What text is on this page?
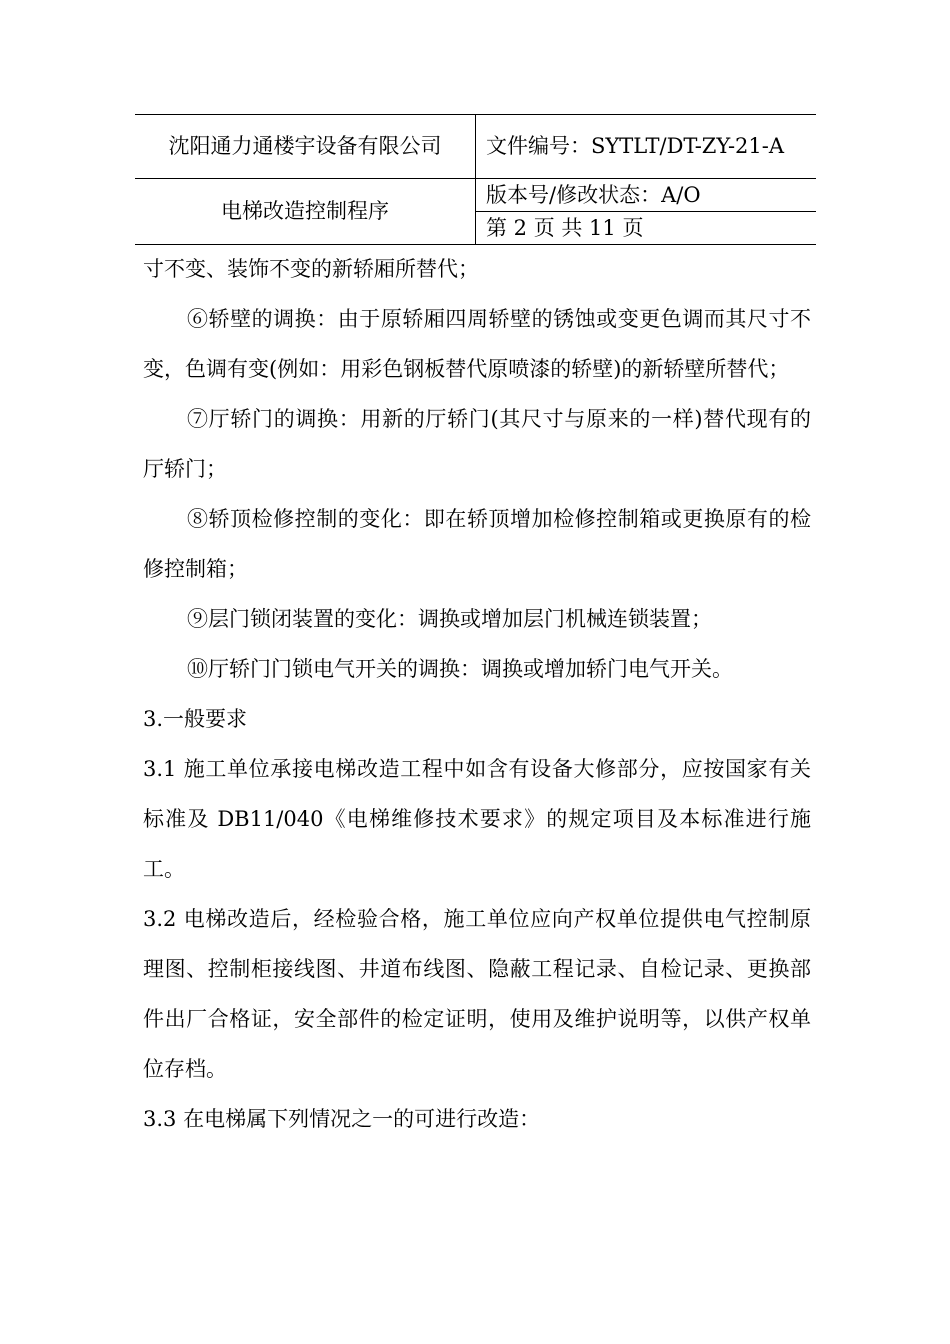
沈阳通力通楼宇设备有限公司	文件编号：SYTLT/DT-ZY-21-A
电梯改造控制程序	版本号/修改状态：A/O
	第 2 页 共 11 页

寸不变、装饰不变的新轿厢所替代；

⑥轿壁的调换：由于原轿厢四周轿壁的锈蚀或变更色调而其尺寸不变，色调有变(例如：用彩色钢板替代原喷漆的轿壁)的新轿壁所替代；

⑦厅轿门的调换：用新的厅轿门(其尺寸与原来的一样)替代现有的厅轿门；

⑧轿顶检修控制的变化：即在轿顶增加检修控制箱或更换原有的检修控制箱；

⑨层门锁闭装置的变化：调换或增加层门机械连锁装置；

⑩厅轿门门锁电气开关的调换：调换或增加轿门电气开关。

3.一般要求

3.1 施工单位承接电梯改造工程中如含有设备大修部分，应按国家有关标准及 DB11/040《电梯维修技术要求》的规定项目及本标准进行施工。

3.2 电梯改造后，经检验合格，施工单位应向产权单位提供电气控制原理图、控制柜接线图、井道布线图、隐蔽工程记录、自检记录、更换部件出厂合格证，安全部件的检定证明，使用及维护说明等，以供产权单位存档。

3.3 在电梯属下列情况之一的可进行改造：
